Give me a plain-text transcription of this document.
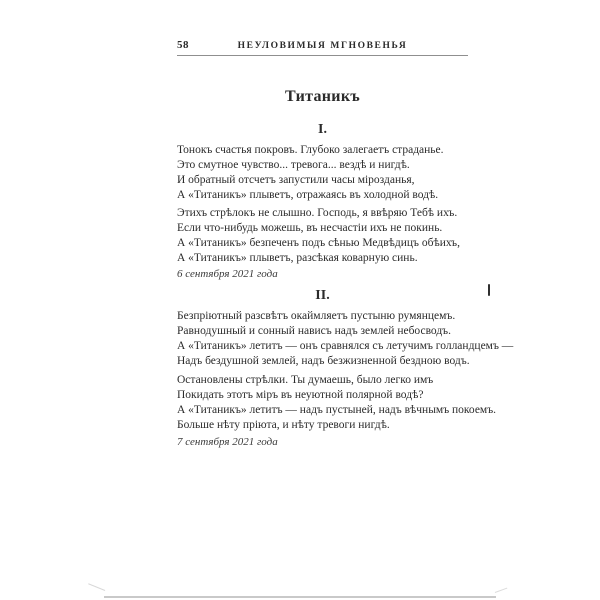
58	НЕУЛОВИМЫЯ МГНОВЕНЬЯ
Титаникъ
I.
Тонокъ счастья покровъ. Глубоко залегаетъ страданье.
Это смутное чувство... тревога... вездѣ и нигдѣ.
И обратный отсчетъ запустили часы мірозданья,
А «Титаникъ» плыветъ, отражаясь въ холодной водѣ.
Этихъ стрѣлокъ не слышно. Господь, я ввѣряю Тебѣ ихъ.
Если что-нибудь можешь, въ несчастіи ихъ не покинь.
А «Титаникъ» безпеченъ подъ сѣнью Медвѣдицъ обѣихъ,
А «Титаникъ» плыветъ, разсѣкая коварную синь.
6 сентября 2021 года
II.
Безпріютный разсвѣтъ окаймляетъ пустыню румянцемъ.
Равнодушный и сонный нависъ надъ землей небосводъ.
А «Титаникъ» летитъ — онъ сравнялся съ летучимъ голландцемъ —
Надъ бездушной землей, надъ безжизненной бездною водъ.
Остановлены стрѣлки. Ты думаешь, было легко имъ
Покидать этотъ міръ въ неуютной полярной водѣ?
А «Титаникъ» летитъ — надъ пустыней, надъ вѣчнымъ покоемъ.
Больше нѣту пріюта, и нѣту тревоги нигдѣ.
7 сентября 2021 года
